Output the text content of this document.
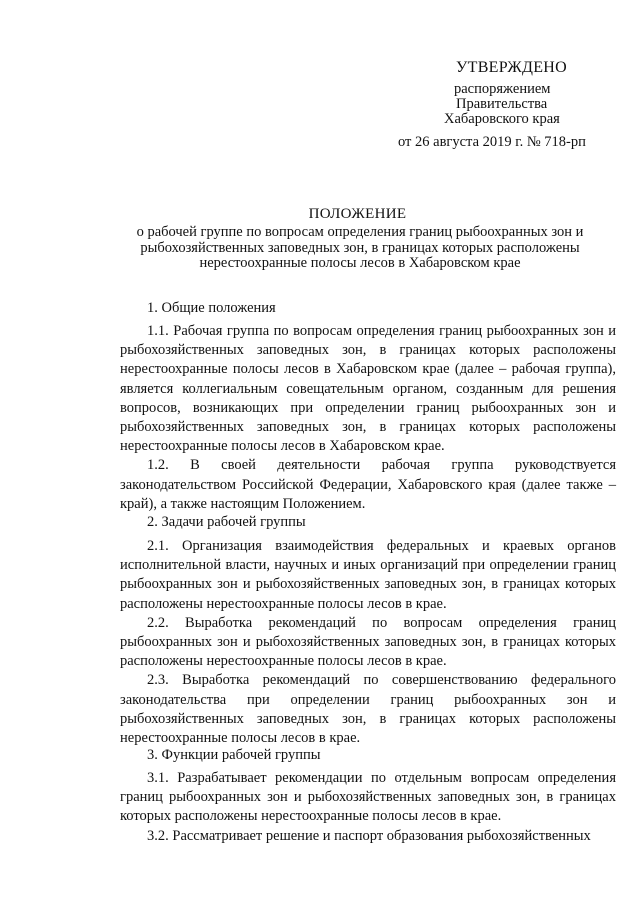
УТВЕРЖДЕНО
распоряжением
Правительства
Хабаровского края
от 26 августа 2019 г. № 718-рп
ПОЛОЖЕНИЕ
о рабочей группе по вопросам определения границ рыбоохранных зон и рыбохозяйственных заповедных зон, в границах которых расположены нерестоохранные полосы лесов в Хабаровском крае
1. Общие положения

1.1. Рабочая группа по вопросам определения границ рыбоохранных зон и рыбохозяйственных заповедных зон, в границах которых расположены нерестоохранные полосы лесов в Хабаровском крае (далее – рабочая группа), является коллегиальным совещательным органом, созданным для решения вопросов, возникающих при определении границ рыбоохранных зон и рыбохозяйственных заповедных зон, в границах которых расположены нерестоохранные полосы лесов в Хабаровском крае.

1.2. В своей деятельности рабочая группа руководствуется законодательством Российской Федерации, Хабаровского края (далее также – край), а также настоящим Положением.

2. Задачи рабочей группы

2.1. Организация взаимодействия федеральных и краевых органов исполнительной власти, научных и иных организаций при определении границ рыбоохранных зон и рыбохозяйственных заповедных зон, в границах которых расположены нерестоохранные полосы лесов в крае.

2.2. Выработка рекомендаций по вопросам определения границ рыбоохранных зон и рыбохозяйственных заповедных зон, в границах которых расположены нерестоохранные полосы лесов в крае.

2.3. Выработка рекомендаций по совершенствованию федерального законодательства при определении границ рыбоохранных зон и рыбохозяйственных заповедных зон, в границах которых расположены нерестоохранные полосы лесов в крае.

3. Функции рабочей группы

3.1. Разрабатывает рекомендации по отдельным вопросам определения границ рыбоохранных зон и рыбохозяйственных заповедных зон, в границах которых расположены нерестоохранные полосы лесов в крае.

3.2. Рассматривает решение и паспорт образования рыбохозяйственных
